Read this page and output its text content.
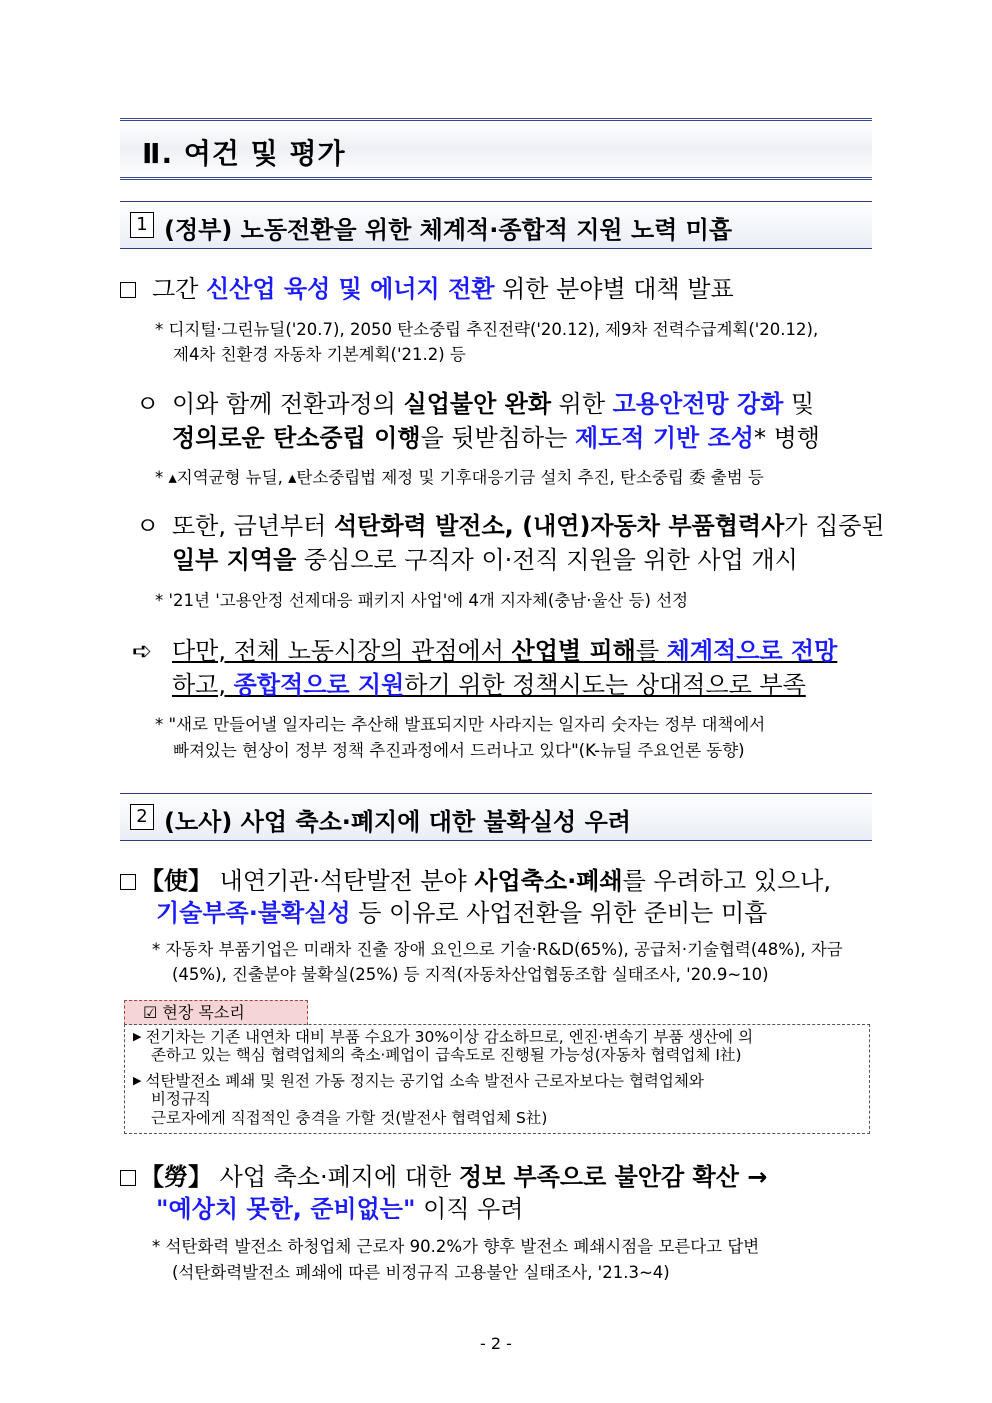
Ⅱ. 여건 및 평가
1 (정부) 노동전환을 위한 체계적·종합적 지원 노력 미흡
그간 신산업 육성 및 에너지 전환 위한 분야별 대책 발표
* 디지털·그린뉴딜('20.7), 2050 탄소중립 추진전략('20.12), 제9차 전력수급계획('20.12),
제4차 친환경 자동차 기본계획('21.2) 등
ㅇ 이와 함께 전환과정의 실업불안 완화 위한 고용안전망 강화 및
정의로운 탄소중립 이행을 뒷받침하는 제도적 기반 조성* 병행
* ▴지역균형 뉴딜, ▴탄소중립법 제정 및 기후대응기금 설치 추진, 탄소중립 委 출범 등
ㅇ 또한, 금년부터 석탄화력 발전소, (내연)자동차 부품협력사가 집중된
일부 지역을 중심으로 구직자 이·전직 지원을 위한 사업 개시
* '21년 '고용안정 선제대응 패키지 사업'에 4개 지자체(충남·울산 등) 선정
➪ 다만, 전체 노동시장의 관점에서 산업별 피해를 체계적으로 전망
하고, 종합적으로 지원하기 위한 정책시도는 상대적으로 부족
* "새로 만들어낼 일자리는 추산해 발표되지만 사라지는 일자리 숫자는 정부 대책에서
빠져있는 현상이 정부 정책 추진과정에서 드러나고 있다"(K-뉴딜 주요언론 동향)
2 (노사) 사업 축소·폐지에 대한 불확실성 우려
【使】 내연기관·석탄발전 분야 사업축소·폐쇄를 우려하고 있으나,
기술부족·불확실성 등 이유로 사업전환을 위한 준비는 미흡
* 자동차 부품기업은 미래차 진출 장애 요인으로 기술·R&D(65%), 공급처·기술협력(48%), 자금
(45%), 진출분야 불확실(25%) 등 지적(자동차산업협동조합 실태조사, '20.9~10)
☑ 현장 목소리
▶ 전기차는 기존 내연차 대비 부품 수요가 30%이상 감소하므로, 엔진·변속기 부품 생산에 의
존하고 있는 핵심 협력업체의 축소·폐업이 급속도로 진행될 가능성(자동차 협력업체 I社)
▶ 석탄발전소 폐쇄 및 원전 가동 정지는 공기업 소속 발전사 근로자보다는 협력업체와
비정규직
근로자에게 직접적인 충격을 가할 것(발전사 협력업체 S社)
【勞】 사업 축소·폐지에 대한 정보 부족으로 불안감 확산 →
"예상치 못한, 준비없는" 이직 우려
* 석탄화력 발전소 하청업체 근로자 90.2%가 향후 발전소 폐쇄시점을 모른다고 답변
(석탄화력발전소 폐쇄에 따른 비정규직 고용불안 실태조사, '21.3~4)
- 2 -
